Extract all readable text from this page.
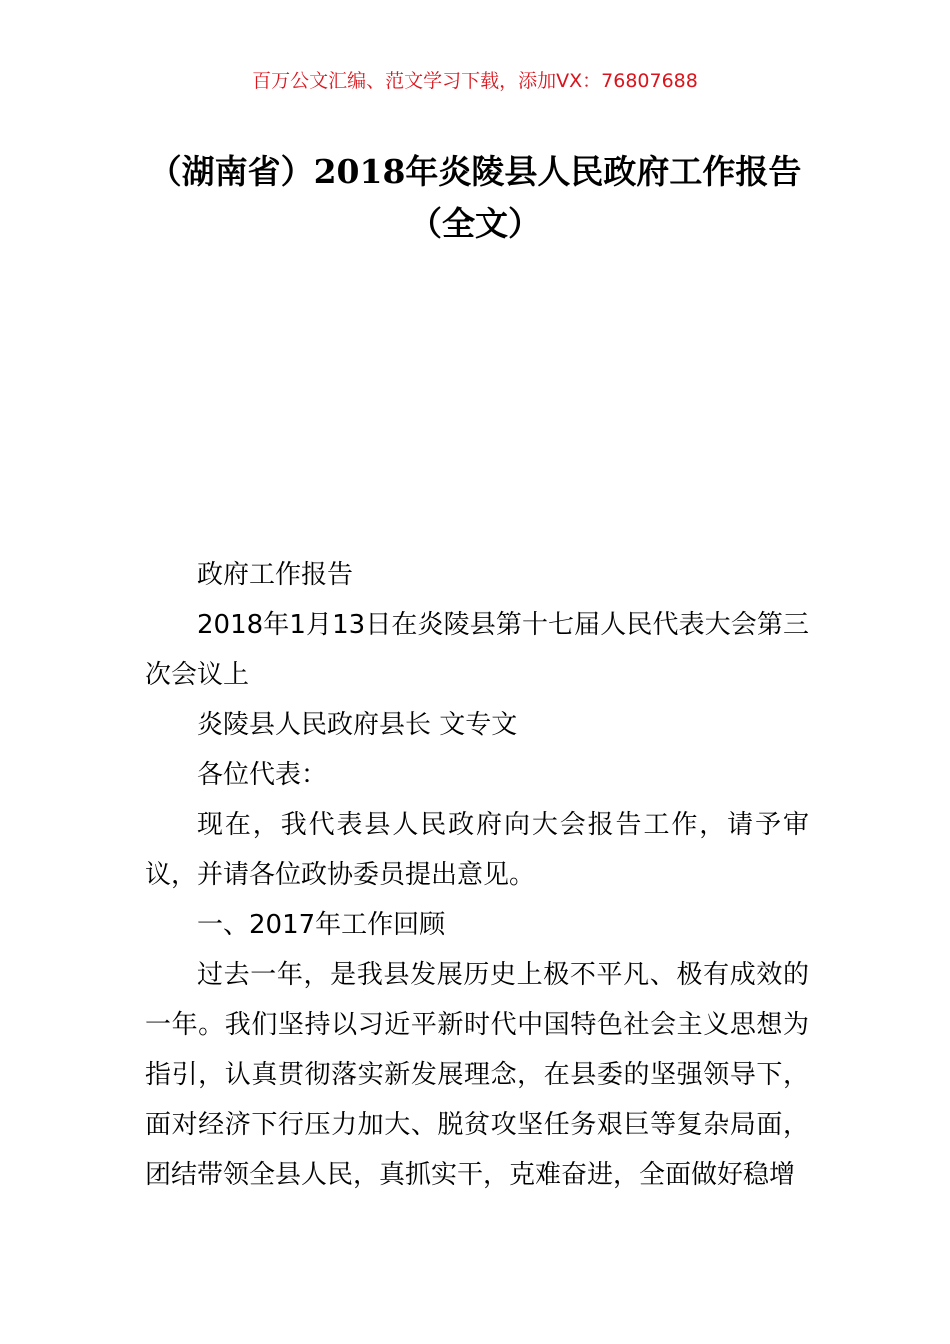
百万公文汇编、范文学习下载，添加VX：76807688
（湖南省）2018年炎陵县人民政府工作报告（全文）

政府工作报告

2018年1月13日在炎陵县第十七届人民代表大会第三次会议上

炎陵县人民政府县长 文专文

各位代表：

现在，我代表县人民政府向大会报告工作，请予审议，并请各位政协委员提出意见。

一、2017年工作回顾

过去一年，是我县发展历史上极不平凡、极有成效的一年。我们坚持以习近平新时代中国特色社会主义思想为指引，认真贯彻落实新发展理念，在县委的坚强领导下，面对经济下行压力加大、脱贫攻坚任务艰巨等复杂局面，团结带领全县人民，真抓实干，克难奋进，全面做好稳增
